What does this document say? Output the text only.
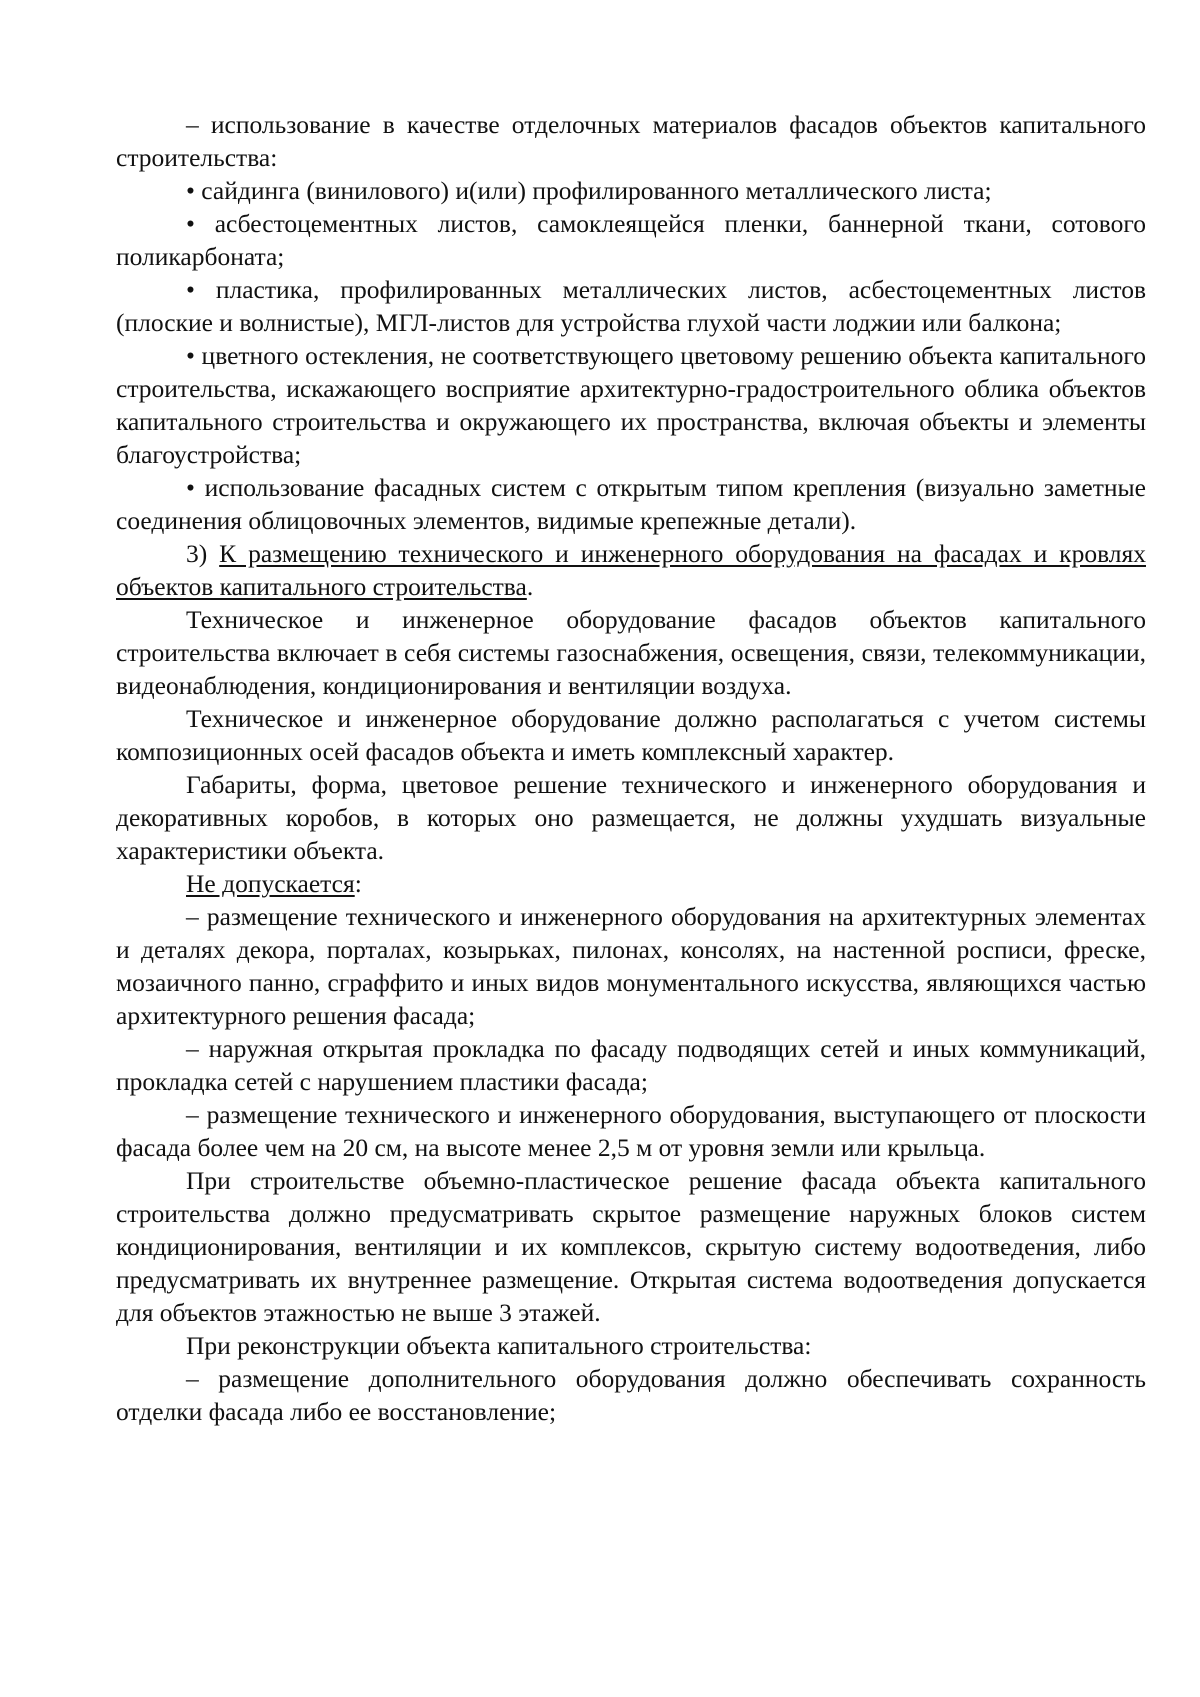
– использование в качестве отделочных материалов фасадов объектов капитального строительства:

• сайдинга (винилового) и(или) профилированного металлического листа;

• асбестоцементных листов, самоклеящейся пленки, баннерной ткани, сотового поликарбоната;

• пластика, профилированных металлических листов, асбестоцементных листов (плоские и волнистые), МГЛ-листов для устройства глухой части лоджии или балкона;

• цветного остекления, не соответствующего цветовому решению объекта капитального строительства, искажающего восприятие архитектурно-градостроительного облика объектов капитального строительства и окружающего их пространства, включая объекты и элементы благоустройства;

• использование фасадных систем с открытым типом крепления (визуально заметные соединения облицовочных элементов, видимые крепежные детали).

3) К размещению технического и инженерного оборудования на фасадах и кровлях объектов капитального строительства.

Техническое и инженерное оборудование фасадов объектов капитального строительства включает в себя системы газоснабжения, освещения, связи, телекоммуникации, видеонаблюдения, кондиционирования и вентиляции воздуха.

Техническое и инженерное оборудование должно располагаться с учетом системы композиционных осей фасадов объекта и иметь комплексный характер.

Габариты, форма, цветовое решение технического и инженерного оборудования и декоративных коробов, в которых оно размещается, не должны ухудшать визуальные характеристики объекта.

Не допускается:

– размещение технического и инженерного оборудования на архитектурных элементах и деталях декора, порталах, козырьках, пилонах, консолях, на настенной росписи, фреске, мозаичного панно, сграффито и иных видов монументального искусства, являющихся частью архитектурного решения фасада;

– наружная открытая прокладка по фасаду подводящих сетей и иных коммуникаций, прокладка сетей с нарушением пластики фасада;

– размещение технического и инженерного оборудования, выступающего от плоскости фасада более чем на 20 см, на высоте менее 2,5 м от уровня земли или крыльца.

При строительстве объемно-пластическое решение фасада объекта капитального строительства должно предусматривать скрытое размещение наружных блоков систем кондиционирования, вентиляции и их комплексов, скрытую систему водоотведения, либо предусматривать их внутреннее размещение. Открытая система водоотведения допускается для объектов этажностью не выше 3 этажей.

При реконструкции объекта капитального строительства:

– размещение дополнительного оборудования должно обеспечивать сохранность отделки фасада либо ее восстановление;
